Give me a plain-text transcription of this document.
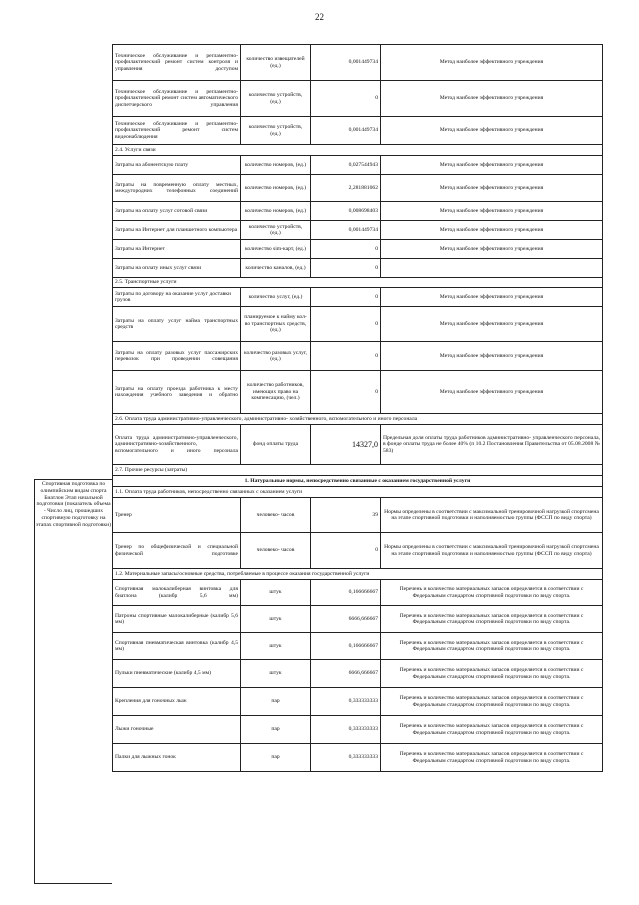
22
Спортивная подготовка по олимпийским видам спорта Биатлон Этап начальной подготовки (показатель объема - Число лиц, прошедших спортивную подготовку на этапах спортивной подготовки)
Техническое обслуживание и регламентно- профилактический ремонт систем контроля и управления доступом	количество извещателей (ед.)	0,001449734	Метод наиболее эффективного учреждения
Техническое обслуживание и регламентно- профилактический ремонт систем автоматического диспетчерского управления	количество устройств, (ед.)	0	Метод наиболее эффективного учреждения
Техническое обслуживание и регламентно- профилактический ремонт систем видеонаблюдения	количество устройств, (ед.)	0,001449734	Метод наиболее эффективного учреждения
2.4. Услуги связи			
Затраты на абонентскую плату	количество номеров, (ед.)	0,027544943	Метод наиболее эффективного учреждения
Затраты на повременную оплату местных, междугородних телефонных соединений	количество номеров, (ед.)	2,281881062	Метод наиболее эффективного учреждения
Затраты на оплату услуг сотовой связи	количество номеров, (ед.)	0,008698403	Метод наиболее эффективного учреждения
Затраты на Интернет для планшетного компьютера	количество устройств, (ед.)	0,001449734	Метод наиболее эффективного учреждения
Затраты на Интернет	количество sim-карт, (ед.)	0	Метод наиболее эффективного учреждения
Затраты на оплату иных услуг связи	количество каналов, (ед.)	0	
2.5. Транспортные услуги			
Затраты по договору на оказание услуг доставки грузов	количество услуг, (ед.)	0	Метод наиболее эффективного учреждения
Затраты на оплату услуг найма транспортных средств	планируемое к найму кол-во транспортных средств, (ед.)	0	Метод наиболее эффективного учреждения
Затраты на оплату разовых услуг пассажирских перевозок при проведении совещания	количество разовых услуг, (ед.)	0	Метод наиболее эффективного учреждения
Затраты на оплату проезда работника к месту нахождения учебного заведения и обратно	количество работников, имеющих право на компенсацию, (чел.)	0	Метод наиболее эффективного учреждения
2.6. Оплата труда административно-управленческого, административно- хозяйственного, вспомогательного и иного персонала			
Оплата труда административно-управленческого, административно-хозяйственного, вспомогательного и иного персонала	фонд оплаты труда	14327,0	Предельная доля оплаты труда работников административно- управленческого персонала, в фонде оплаты труда не более 40% (п 10.2 Постановления Правительства от 05.08.2008 № 583)
2.7. Прочие ресурсы (затраты)			
1. Натуральные нормы, непосредственно связанные с оказанием государственной услуги			
1.1. Оплата труда работников, непосредственно связанных с оказанием услуги			
Тренер	человеко- часов	39	Нормы определены в соответствии с максимальной тренировочной нагрузкой спортсмена на этапе спортивной подготовки и наполняемостью группы (ФССП по виду спорта)
Тренер по общефизической и специальной физической подготовке	человеко- часов	0	Нормы определены в соответствии с максимальной тренировочной нагрузкой спортсмена на этапе спортивной подготовки и наполняемостью группы (ФССП по виду спорта)
1.2. Материальные запасы/основные средства, потребляемые в процессе оказания государственной услуги			
Спортивная малокалиберная винтовка для биатлона (калибр 5,6 мм)	штук	0,166666667	Перечень и количество материальных запасов определяется в соответствии с Федеральным стандартом спортивной подготовки по виду спорта.
Патроны спортивные малокалиберные (калибр 5,6 мм)	штук	6666,666667	Перечень и количество материальных запасов определяется в соответствии с Федеральным стандартом спортивной подготовки по виду спорта.
Спортивная пневматическая винтовка (калибр 4,5 мм)	штук	0,166666667	Перечень и количество материальных запасов определяется в соответствии с Федеральным стандартом спортивной подготовки по виду спорта.
Пульки пневматические (калибр 4,5 мм)	штук	6666,666667	Перечень и количество материальных запасов определяется в соответствии с Федеральным стандартом спортивной подготовки по виду спорта.
Крепления для гоночных лыж	пар	0,333333333	Перечень и количество материальных запасов определяется в соответствии с Федеральным стандартом спортивной подготовки по виду спорта.
Лыжи гоночные	пар	0,333333333	Перечень и количество материальных запасов определяется в соответствии с Федеральным стандартом спортивной подготовки по виду спорта.
Палки для лыжных гонок	пар	0,333333333	Перечень и количество материальных запасов определяется в соответствии с Федеральным стандартом спортивной подготовки по виду спорта.
